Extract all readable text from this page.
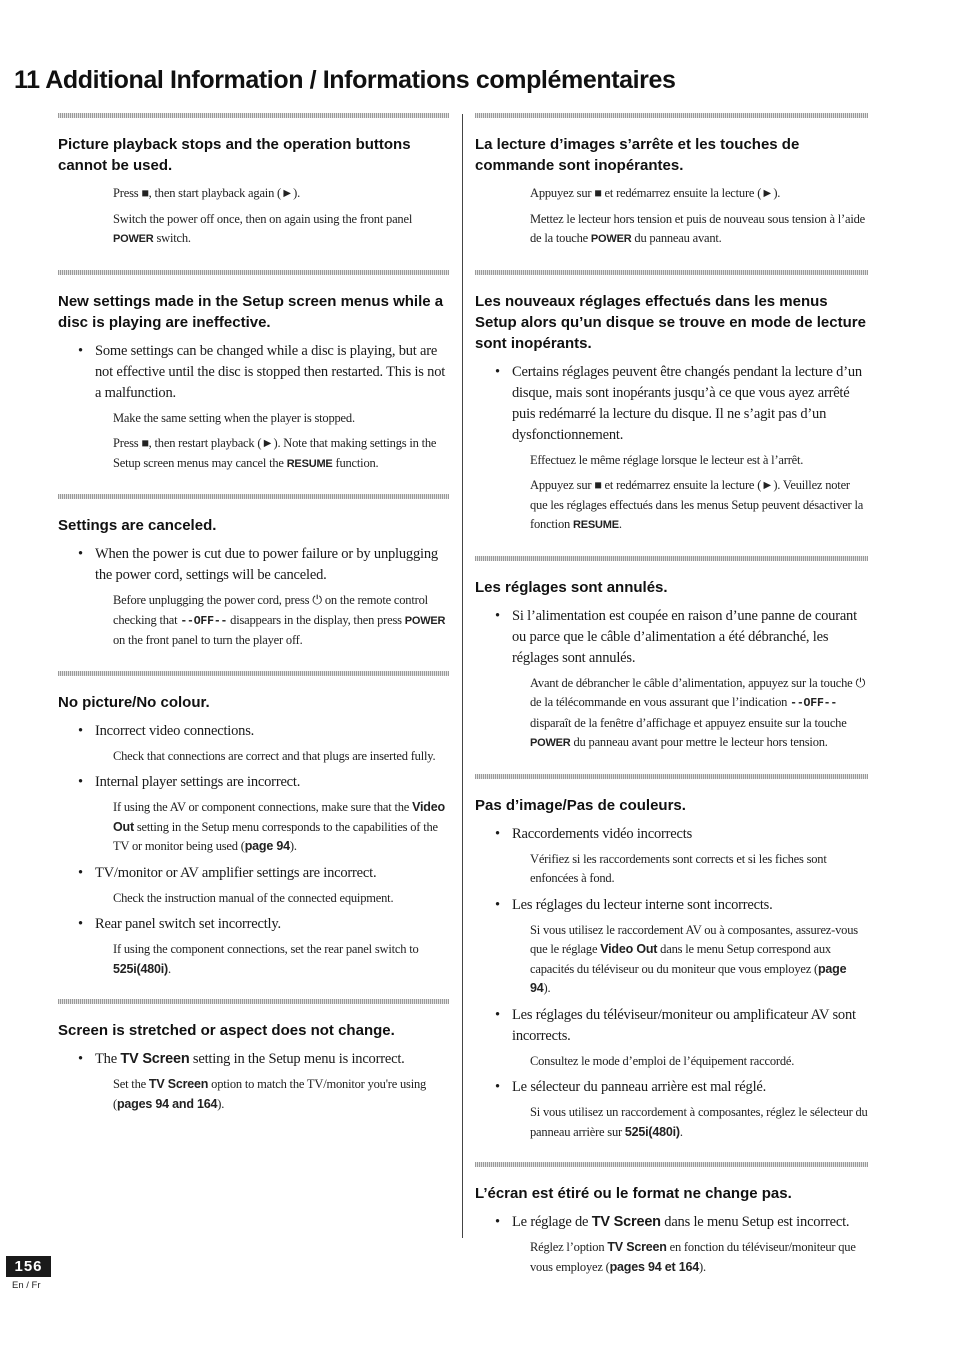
11 Additional Information / Informations complémentaires
Picture playback stops and the operation buttons cannot be used.

Press ■, then start playback again (►).

Switch the power off once, then on again using the front panel POWER switch.

New settings made in the Setup screen menus while a disc is playing are ineffective.

• Some settings can be changed while a disc is playing, but are not effective until the disc is stopped then restarted. This is not a malfunction.

Make the same setting when the player is stopped.

Press ■, then restart playback (►). Note that making settings in the Setup screen menus may cancel the RESUME function.

Settings are canceled.

• When the power is cut due to power failure or by unplugging the power cord, settings will be canceled.

Before unplugging the power cord, press ⏻ on the remote control checking that --OFF-- disappears in the display, then press POWER on the front panel to turn the player off.

No picture/No colour.

• Incorrect video connections.

Check that connections are correct and that plugs are inserted fully.

• Internal player settings are incorrect.

If using the AV or component connections, make sure that the Video Out setting in the Setup menu corresponds to the capabilities of the TV or monitor being used (page 94).

• TV/monitor or AV amplifier settings are incorrect.

Check the instruction manual of the connected equipment.

• Rear panel switch set incorrectly.

If using the component connections, set the rear panel switch to 525i(480i).

Screen is stretched or aspect does not change.

• The TV Screen setting in the Setup menu is incorrect.

Set the TV Screen option to match the TV/monitor you're using (pages 94 and 164).

La lecture d’images s’arrête et les touches de commande sont inopérantes.

Appuyez sur ■ et redémarrez ensuite la lecture (►).

Mettez le lecteur hors tension et puis de nouveau sous tension à l’aide de la touche POWER du panneau avant.

Les nouveaux réglages effectués dans les menus Setup alors qu’un disque se trouve en mode de lecture sont inopérants.

• Certains réglages peuvent être changés pendant la lecture d’un disque, mais sont inopérants jusqu’à ce que vous ayez arrêté puis redémarré la lecture du disque. Il ne s’agit pas d’un dysfonctionnement.

Effectuez le même réglage lorsque le lecteur est à l’arrêt.

Appuyez sur ■ et redémarrez ensuite la lecture (►). Veuillez noter que les réglages effectués dans les menus Setup peuvent désactiver la fonction RESUME.

Les réglages sont annulés.

• Si l’alimentation est coupée en raison d’une panne de courant ou parce que le câble d’alimentation a été débranché, les réglages sont annulés.

Avant de débrancher le câble d’alimentation, appuyez sur la touche ⏻ de la télécommande en vous assurant que l’indication --OFF-- disparaît de la fenêtre d’affichage et appuyez ensuite sur la touche POWER du panneau avant pour mettre le lecteur hors tension.

Pas d’image/Pas de couleurs.

• Raccordements vidéo incorrects

Vérifiez si les raccordements sont corrects et si les fiches sont enfoncées à fond.

• Les réglages du lecteur interne sont incorrects.

Si vous utilisez le raccordement AV ou à composantes, assurez-vous que le réglage Video Out dans le menu Setup correspond aux capacités du téléviseur ou du moniteur que vous employez (page 94).

• Les réglages du téléviseur/moniteur ou amplificateur AV sont incorrects.

Consultez le mode d’emploi de l’équipement raccordé.

• Le sélecteur du panneau arrière est mal réglé.

Si vous utilisez un raccordement à composantes, réglez le sélecteur du panneau arrière sur 525i(480i).

L’écran est étiré ou le format ne change pas.

• Le réglage de TV Screen dans le menu Setup est incorrect.

Réglez l’option TV Screen en fonction du téléviseur/moniteur que vous employez (pages 94 et 164).

156
En / Fr
